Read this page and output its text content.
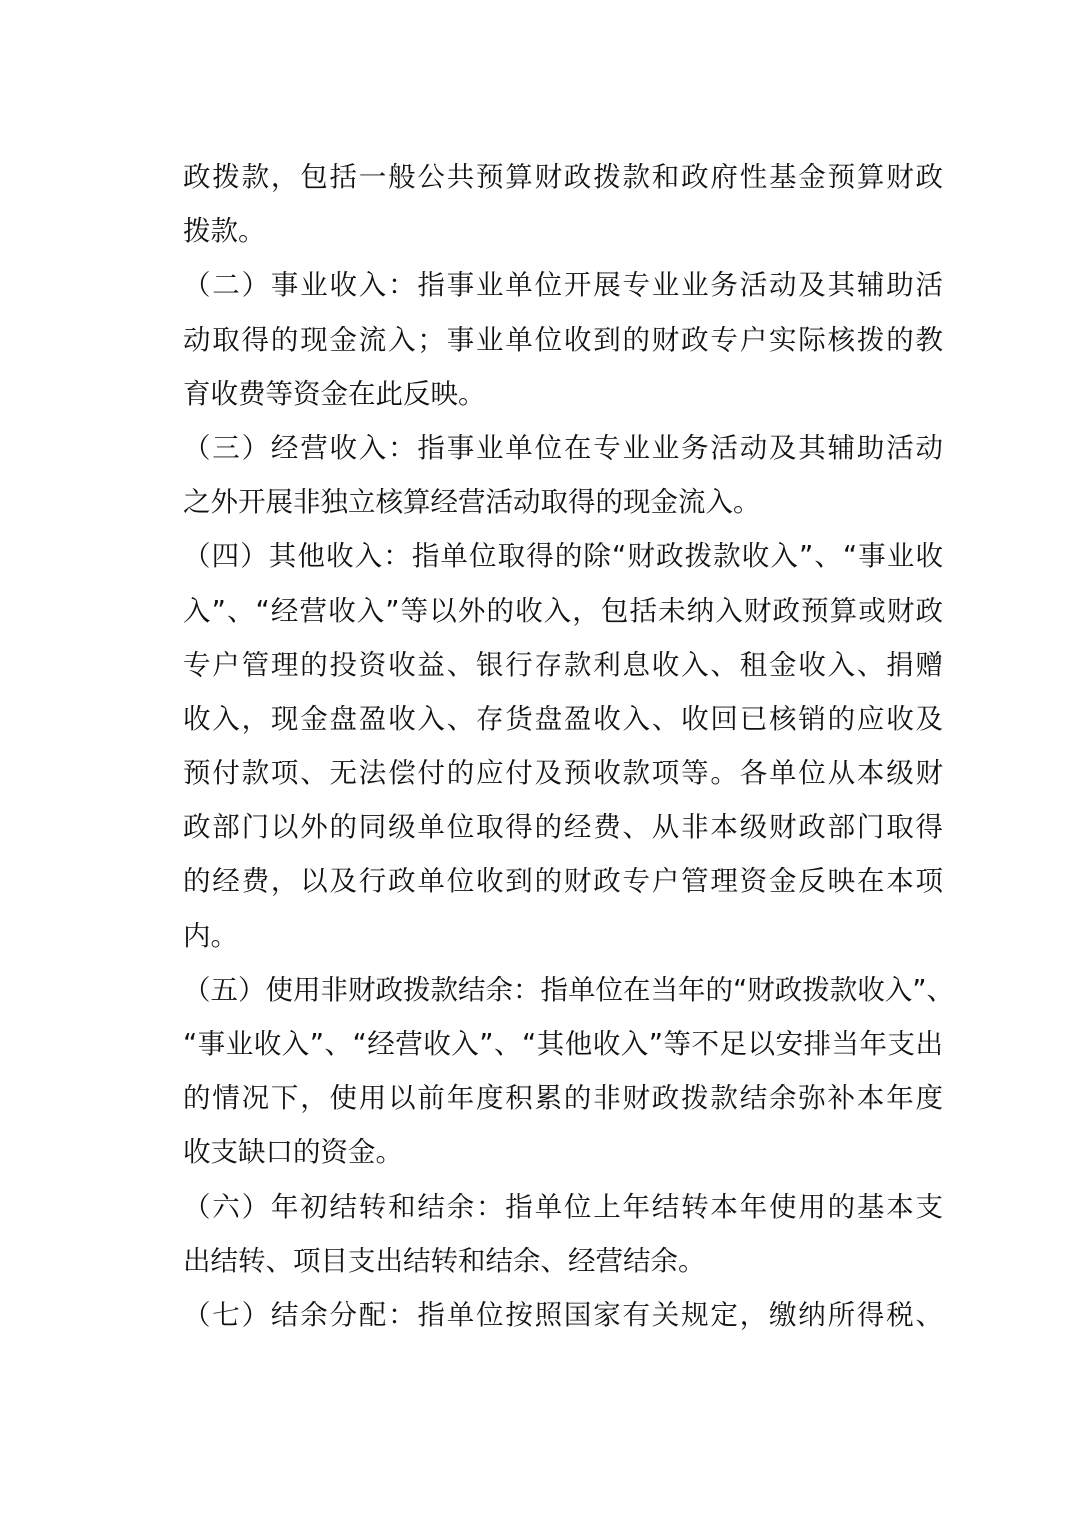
政拨款，包括一般公共预算财政拨款和政府性基金预算财政
拨款。
（二）事业收入：指事业单位开展专业业务活动及其辅助活
动取得的现金流入；事业单位收到的财政专户实际核拨的教
育收费等资金在此反映。
（三）经营收入：指事业单位在专业业务活动及其辅助活动
之外开展非独立核算经营活动取得的现金流入。
（四）其他收入：指单位取得的除“财政拨款收入”、“事业收
入”、“经营收入”等以外的收入，包括未纳入财政预算或财政
专户管理的投资收益、银行存款利息收入、租金收入、捐赠
收入，现金盘盈收入、存货盘盈收入、收回已核销的应收及
预付款项、无法偿付的应付及预收款项等。各单位从本级财
政部门以外的同级单位取得的经费、从非本级财政部门取得
的经费，以及行政单位收到的财政专户管理资金反映在本项
内。
（五）使用非财政拨款结余：指单位在当年的“财政拨款收入”、
“事业收入”、“经营收入”、“其他收入”等不足以安排当年支出
的情况下，使用以前年度积累的非财政拨款结余弥补本年度
收支缺口的资金。
（六）年初结转和结余：指单位上年结转本年使用的基本支
出结转、项目支出结转和结余、经营结余。
（七）结余分配：指单位按照国家有关规定，缴纳所得税、
